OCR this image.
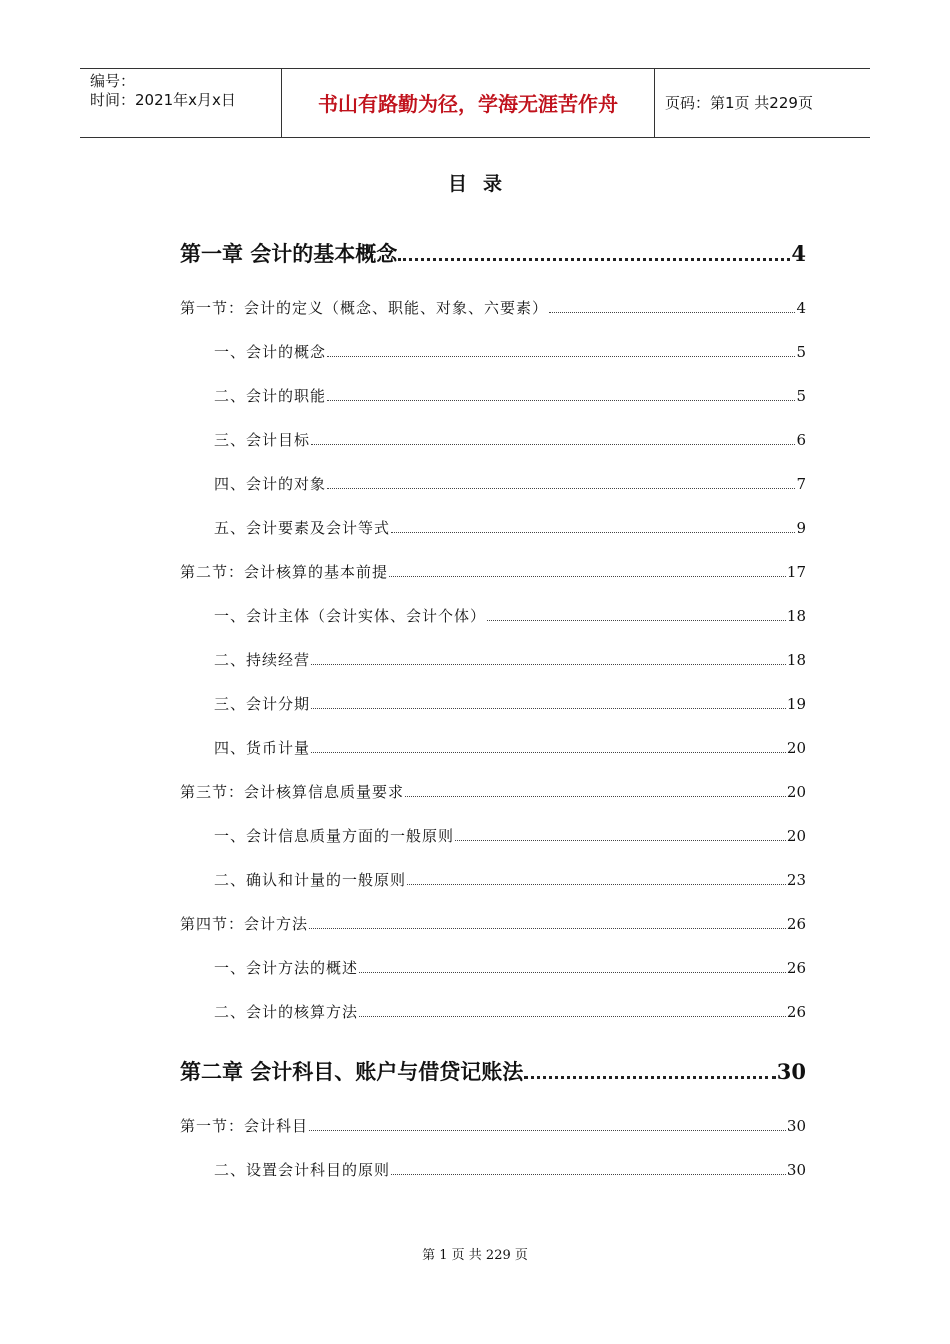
编号：
时间：2021年x月x日	书山有路勤为径，学海无涯苦作舟	页码：第1页 共229页
目 录
第一章 会计的基本概念	4
第一节：会计的定义（概念、职能、对象、六要素）	4
一、会计的概念	5
二、会计的职能	5
三、会计目标	6
四、会计的对象	7
五、会计要素及会计等式	9
第二节：会计核算的基本前提	17
一、会计主体（会计实体、会计个体）	18
二、持续经营	18
三、会计分期	19
四、货币计量	20
第三节：会计核算信息质量要求	20
一、会计信息质量方面的一般原则	20
二、确认和计量的一般原则	23
第四节：会计方法	26
一、会计方法的概述	26
二、会计的核算方法	26
第二章 会计科目、账户与借贷记账法	30
第一节：会计科目	30
二、设置会计科目的原则	30
第 1 页 共 229 页
